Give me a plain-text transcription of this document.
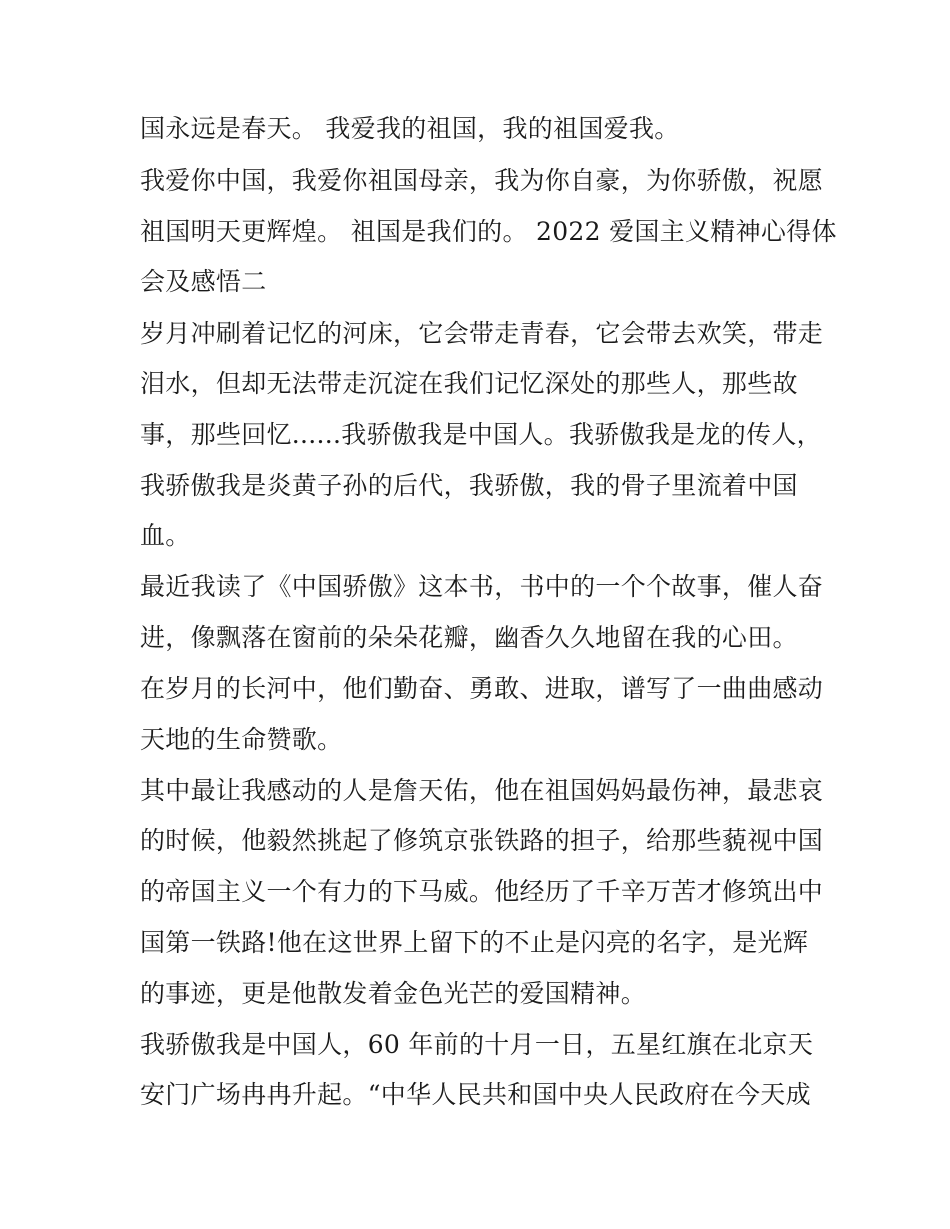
国永远是春天。 我爱我的祖国，我的祖国爱我。
我爱你中国，我爱你祖国母亲，我为你自豪，为你骄傲，祝愿
祖国明天更辉煌。 祖国是我们的。 2022 爱国主义精神心得体
会及感悟二
岁月冲刷着记忆的河床，它会带走青春，它会带去欢笑，带走
泪水，但却无法带走沉淀在我们记忆深处的那些人，那些故
事，那些回忆......我骄傲我是中国人。我骄傲我是龙的传人，
我骄傲我是炎黄子孙的后代，我骄傲，我的骨子里流着中国
血。
最近我读了《中国骄傲》这本书，书中的一个个故事，催人奋
进，像飘落在窗前的朵朵花瓣，幽香久久地留在我的心田。
在岁月的长河中，他们勤奋、勇敢、进取，谱写了一曲曲感动
天地的生命赞歌。
其中最让我感动的人是詹天佑，他在祖国妈妈最伤神，最悲哀
的时候，他毅然挑起了修筑京张铁路的担子，给那些藐视中国
的帝国主义一个有力的下马威。他经历了千辛万苦才修筑出中
国第一铁路!他在这世界上留下的不止是闪亮的名字，是光辉
的事迹，更是他散发着金色光芒的爱国精神。
我骄傲我是中国人，60 年前的十月一日，五星红旗在北京天
安门广场冉冉升起。“中华人民共和国中央人民政府在今天成
